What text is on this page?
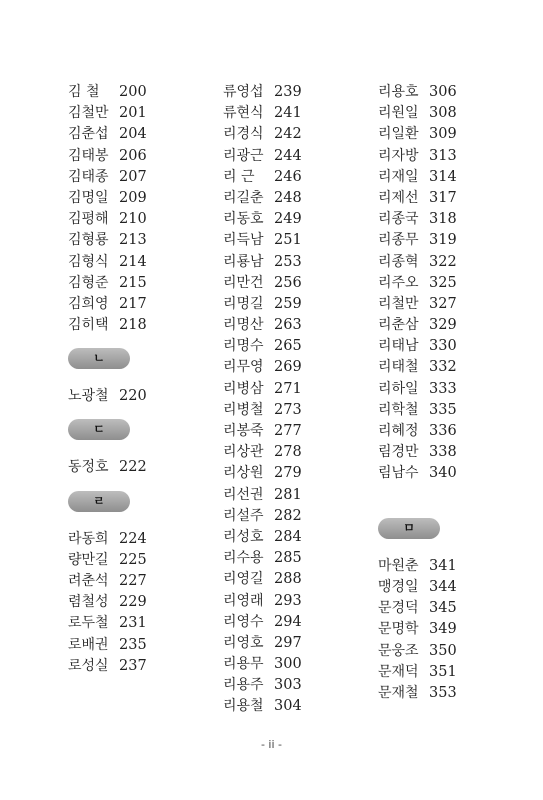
김 철	200
김철만 201
김춘섭 204
김태봉 206
김태종 207
김명일 209
김평해 210
김형룡 213
김형식 214
김형준 215
김희영 217
김히택 218
ㄴ
노광철 220
ㄷ
동정호 222
ㄹ
라동희 224
량만길 225
려춘석 227
렴철성 229
로두철 231
로배권 235
로성실 237
류영섭 239
류현식 241
리경식 242
리광근 244
리 근	246
리길춘 248
리동호 249
리득남 251
리룡남 253
리만건 256
리명길 259
리명산 263
리명수 265
리무영 269
리병삼 271
리병철 273
리봉죽 277
리상관 278
리상원 279
리선권 281
리설주 282
리성호 284
리수용 285
리영길 288
리영래 293
리영수 294
리영호 297
리용무 300
리용주 303
리용철 304
리용호 306
리원일 308
리일환 309
리자방 313
리재일 314
리제선 317
리종국 318
리종무 319
리종혁 322
리주오 325
리철만 327
리춘삼 329
리태남 330
리태철 332
리하일 333
리학철 335
리혜정 336
림경만 338
림남수 340
ㅁ
마원춘 341
맹경일 344
문경덕 345
문명학 349
문웅조 350
문재덕 351
문재철 353
- ii -
